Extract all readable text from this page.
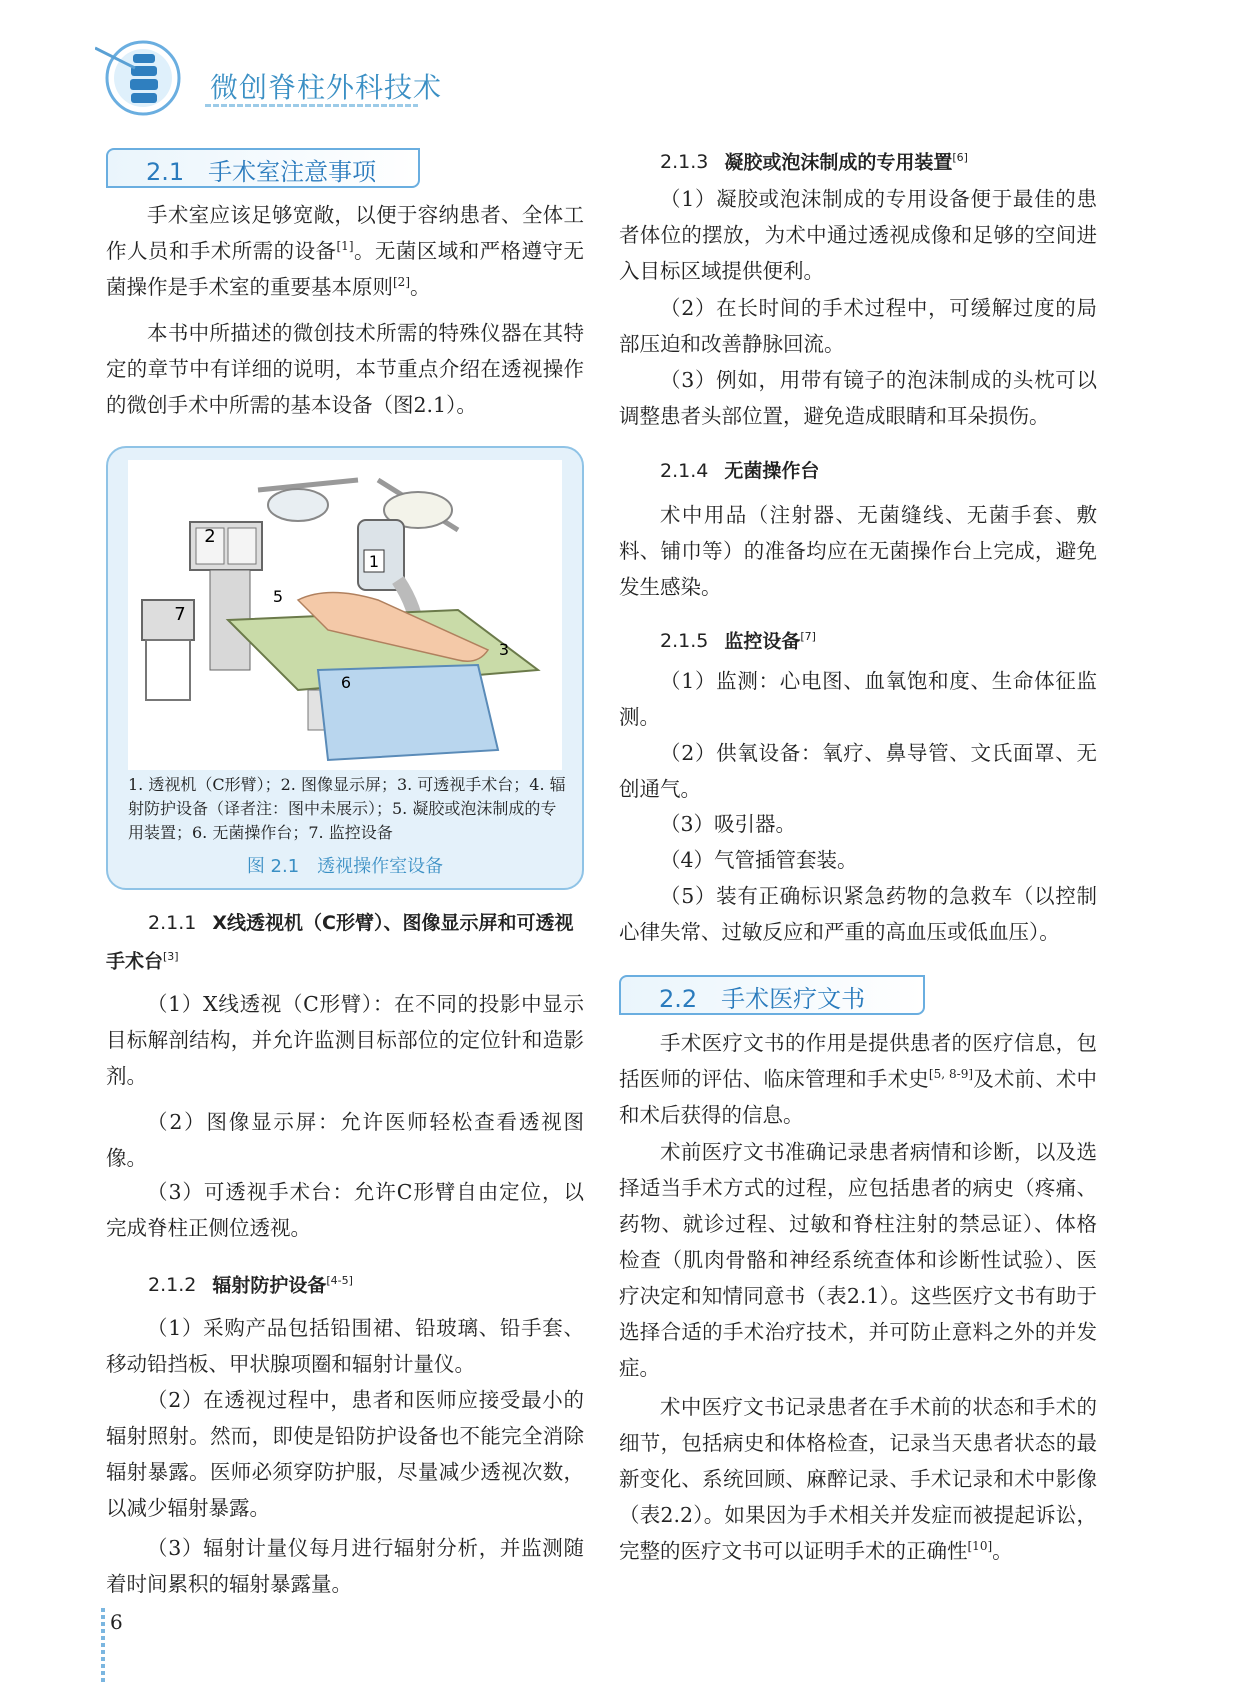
微创脊柱外科技术
2.1　 手术室注意事项

手术室应该足够宽敞，以便于容纳患者、全体工作人员和手术所需的设备[1]。无菌区域和严格遵守无菌操作是手术室的重要基本原则[2]。

本书中所描述的微创技术所需的特殊仪器在其特定的章节中有详细的说明，本节重点介绍在透视操作的微创手术中所需的基本设备（图2.1）。

1
2
3
5
6
7
1. 透视机（C形臂）；2. 图像显示屏；3. 可透视手术台；4. 辐射防护设备（译者注：图中未展示）；5. 凝胶或泡沫制成的专用装置；6. 无菌操作台；7. 监控设备
图 2.1　透视操作室设备
2.1.1 X线透视机（C形臂）、图像显示屏和可透视手术台[3]

（1）X线透视（C形臂）：在不同的投影中显示目标解剖结构，并允许监测目标部位的定位针和造影剂。

（2）图像显示屏：允许医师轻松查看透视图像。

（3）可透视手术台：允许C形臂自由定位，以完成脊柱正侧位透视。

2.1.2 辐射防护设备[4-5]

（1）采购产品包括铅围裙、铅玻璃、铅手套、移动铅挡板、甲状腺项圈和辐射计量仪。

（2）在透视过程中，患者和医师应接受最小的辐射照射。然而，即使是铅防护设备也不能完全消除辐射暴露。医师必须穿防护服，尽量减少透视次数，以减少辐射暴露。

（3）辐射计量仪每月进行辐射分析，并监测随着时间累积的辐射暴露量。

2.1.3 凝胶或泡沫制成的专用装置[6]

（1）凝胶或泡沫制成的专用设备便于最佳的患者体位的摆放，为术中通过透视成像和足够的空间进入目标区域提供便利。

（2）在长时间的手术过程中，可缓解过度的局部压迫和改善静脉回流。

（3）例如，用带有镜子的泡沫制成的头枕可以调整患者头部位置，避免造成眼睛和耳朵损伤。

2.1.4 无菌操作台

术中用品（注射器、无菌缝线、无菌手套、敷料、铺巾等）的准备均应在无菌操作台上完成，避免发生感染。

2.1.5 监控设备[7]

（1）监测：心电图、血氧饱和度、生命体征监测。

（2）供氧设备：氧疗、鼻导管、文氏面罩、无创通气。

（3）吸引器。

（4）气管插管套装。

（5）装有正确标识紧急药物的急救车（以控制心律失常、过敏反应和严重的高血压或低血压）。

2.2　 手术医疗文书

手术医疗文书的作用是提供患者的医疗信息，包括医师的评估、临床管理和手术史[5, 8-9]及术前、术中和术后获得的信息。

术前医疗文书准确记录患者病情和诊断，以及选择适当手术方式的过程，应包括患者的病史（疼痛、药物、就诊过程、过敏和脊柱注射的禁忌证）、体格检查（肌肉骨骼和神经系统查体和诊断性试验）、医疗决定和知情同意书（表2.1）。这些医疗文书有助于选择合适的手术治疗技术，并可防止意料之外的并发症。

术中医疗文书记录患者在手术前的状态和手术的细节，包括病史和体格检查，记录当天患者状态的最新变化、系统回顾、麻醉记录、手术记录和术中影像（表2.2）。如果因为手术相关并发症而被提起诉讼，完整的医疗文书可以证明手术的正确性[10]。

6
